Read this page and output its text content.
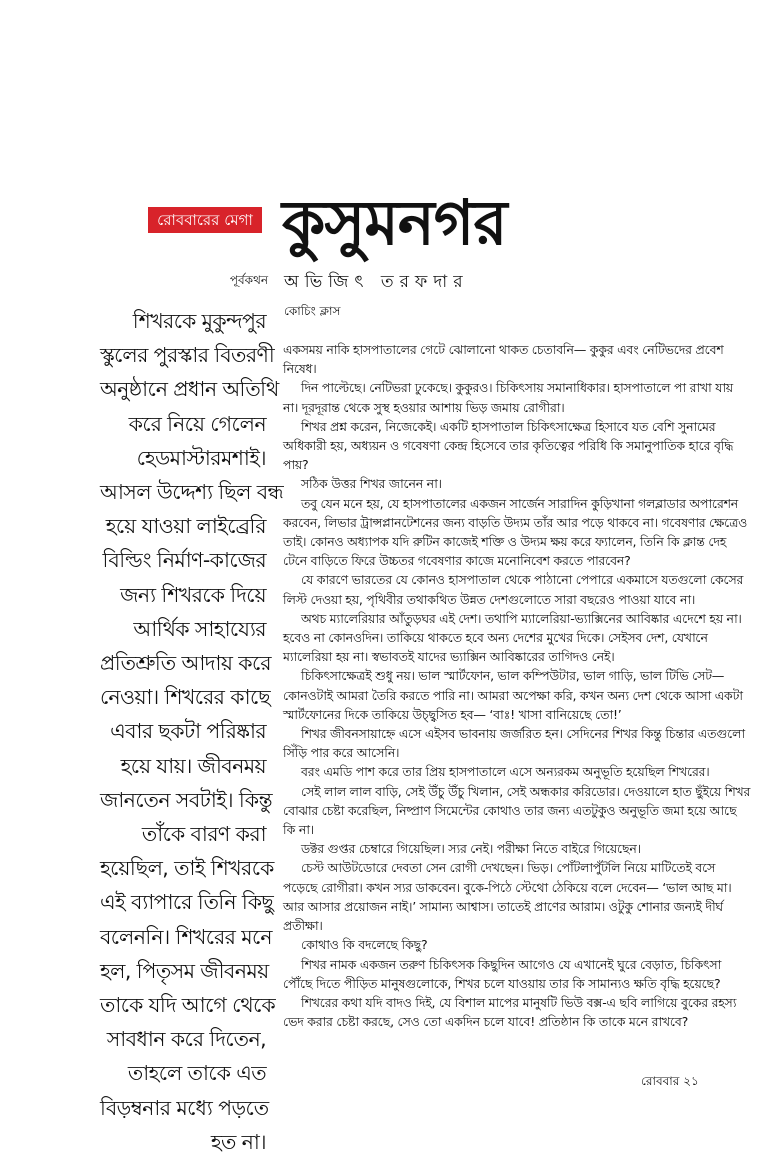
রোববারের মেগা কুসুমনগর
পূর্বকথন অভিজিৎ তরফদার
কোচিং ক্লাস
শিখরকে মুকুন্দপুর
স্কুলের পুরস্কার বিতরণী
অনুষ্ঠানে প্রধান অতিথি
করে নিয়ে গেলেন
হেডমাস্টারমশাই।
আসল উদ্দেশ্য ছিল বন্ধ
হয়ে যাওয়া লাইব্রেরি
বিল্ডিং নির্মাণ-কাজের
জন্য শিখরকে দিয়ে
আর্থিক সাহায্যের
প্রতিশ্রুতি আদায় করে
নেওয়া। শিখরের কাছে
এবার ছকটা পরিষ্কার
হয়ে যায়। জীবনময়
জানতেন সবটাই। কিন্তু
তাঁকে বারণ করা
হয়েছিল, তাই শিখরকে
এই ব্যাপারে তিনি কিছু
বলেননি। শিখরের মনে
হল, পিতৃসম জীবনময়
তাকে যদি আগে থেকে
সাবধান করে দিতেন,
তাহলে তাকে এত
বিড়ম্বনার মধ্যে পড়তে
হত না।

একসময় নাকি হাসপাতালের গেটে ঝোলানো থাকত চেতাবনি— কুকুর এবং নেটিভদের প্রবেশ নিষেধ।

দিন পাল্টেছে। নেটিভরা ঢুকেছে। কুকুরও। চিকিৎসায় সমানাধিকার। হাসপাতালে পা রাখা যায় না। দূরদূরান্ত থেকে সুস্থ হওয়ার আশায় ভিড় জমায় রোগীরা।

শিখর প্রশ্ন করেন, নিজেকেই। একটি হাসপাতাল চিকিৎসাক্ষেত্র হিসাবে যত বেশি সুনামের অধিকারী হয়, অধ্যয়ন ও গবেষণা কেন্দ্র হিসেবে তার কৃতিত্বের পরিধি কি সমানুপাতিক হারে বৃদ্ধি পায়?

সঠিক উত্তর শিখর জানেন না।

তবু যেন মনে হয়, যে হাসপাতালের একজন সার্জেন সারাদিন কুড়িখানা গলব্লাডার অপারেশন করবেন, লিভার ট্রান্সপ্লানটেশনের জন্য বাড়তি উদ্যম তাঁর আর পড়ে থাকবে না। গবেষণার ক্ষেত্রেও তাই। কোনও অধ্যাপক যদি রুটিন কাজেই শক্তি ও উদ্যম ক্ষয় করে ফ্যালেন, তিনি কি ক্লান্ত দেহ টেনে বাড়িতে ফিরে উচ্চতর গবেষণার কাজে মনোনিবেশ করতে পারবেন?

যে কারণে ভারতের যে কোনও হাসপাতাল থেকে পাঠানো পেপারে একমাসে যতগুলো কেসের লিস্ট দেওয়া হয়, পৃথিবীর তথাকথিত উন্নত দেশগুলোতে সারা বছরেও পাওয়া যাবে না।

অথচ ম্যালেরিয়ার আঁতুড়ঘর এই দেশ। তথাপি ম্যালেরিয়া-ভ্যাক্সিনের আবিষ্কার এদেশে হয় না। হবেও না কোনওদিন। তাকিয়ে থাকতে হবে অন্য দেশের মুখের দিকে। সেইসব দেশ, যেখানে ম্যালেরিয়া হয় না। স্বভাবতই যাদের ভ্যাক্সিন আবিষ্কারের তাগিদও নেই।

চিকিৎসাক্ষেত্রই শুধু নয়। ভাল স্মার্টফোন, ভাল কম্পিউটার, ভাল গাড়ি, ভাল টিভি সেট— কোনওটাই আমরা তৈরি করতে পারি না। আমরা অপেক্ষা করি, কখন অন্য দেশ থেকে আসা একটা স্মার্টফোনের দিকে তাকিয়ে উচ্ছ্বসিত হব— ‘বাঃ! খাসা বানিয়েছে তো!’

শিখর জীবনসায়াহ্নে এসে এইসব ভাবনায় জর্জরিত হন। সেদিনের শিখর কিন্তু চিন্তার এতগুলো সিঁড়ি পার করে আসেনি।

বরং এমডি পাশ করে তার প্রিয় হাসপাতালে এসে অন্যরকম অনুভূতি হয়েছিল শিখরের।

সেই লাল লাল বাড়ি, সেই উঁচু উঁচু খিলান, সেই অন্ধকার করিডোর। দেওয়ালে হাত ছুঁইয়ে শিখর বোঝার চেষ্টা করেছিল, নিষ্প্রাণ সিমেন্টের কোথাও তার জন্য এতটুকুও অনুভূতি জমা হয়ে আছে কি না।

ডক্টর গুপ্তর চেম্বারে গিয়েছিল। স্যর নেই। পরীক্ষা নিতে বাইরে গিয়েছেন।

চেস্ট আউটডোরে দেবতা সেন রোগী দেখছেন। ভিড়। পোঁটলাপুঁটলি নিয়ে মাটিতেই বসে পড়েছে রোগীরা। কখন স্যর ডাকবেন। বুকে-পিঠে স্টেথো ঠেকিয়ে বলে দেবেন— ‘ভাল আছ মা। আর আসার প্রয়োজন নাই।’ সামান্য আশ্বাস। তাতেই প্রাণের আরাম। ওটুকু শোনার জন্যই দীর্ঘ প্রতীক্ষা।

কোথাও কি বদলেছে কিছু?

শিখর নামক একজন তরুণ চিকিৎসক কিছুদিন আগেও যে এখানেই ঘুরে বেড়াত, চিকিৎসা পৌঁছে দিতে পীড়িত মানুষগুলোকে, শিখর চলে যাওয়ায় তার কি সামান্যও ক্ষতি বৃদ্ধি হয়েছে?

শিখরের কথা যদি বাদও দিই, যে বিশাল মাপের মানুষটি ভিউ বক্স-এ ছবি লাগিয়ে বুকের রহস্য ভেদ করার চেষ্টা করছে, সেও তো একদিন চলে যাবে! প্রতিষ্ঠান কি তাকে মনে রাখবে?

রোববার ২১
